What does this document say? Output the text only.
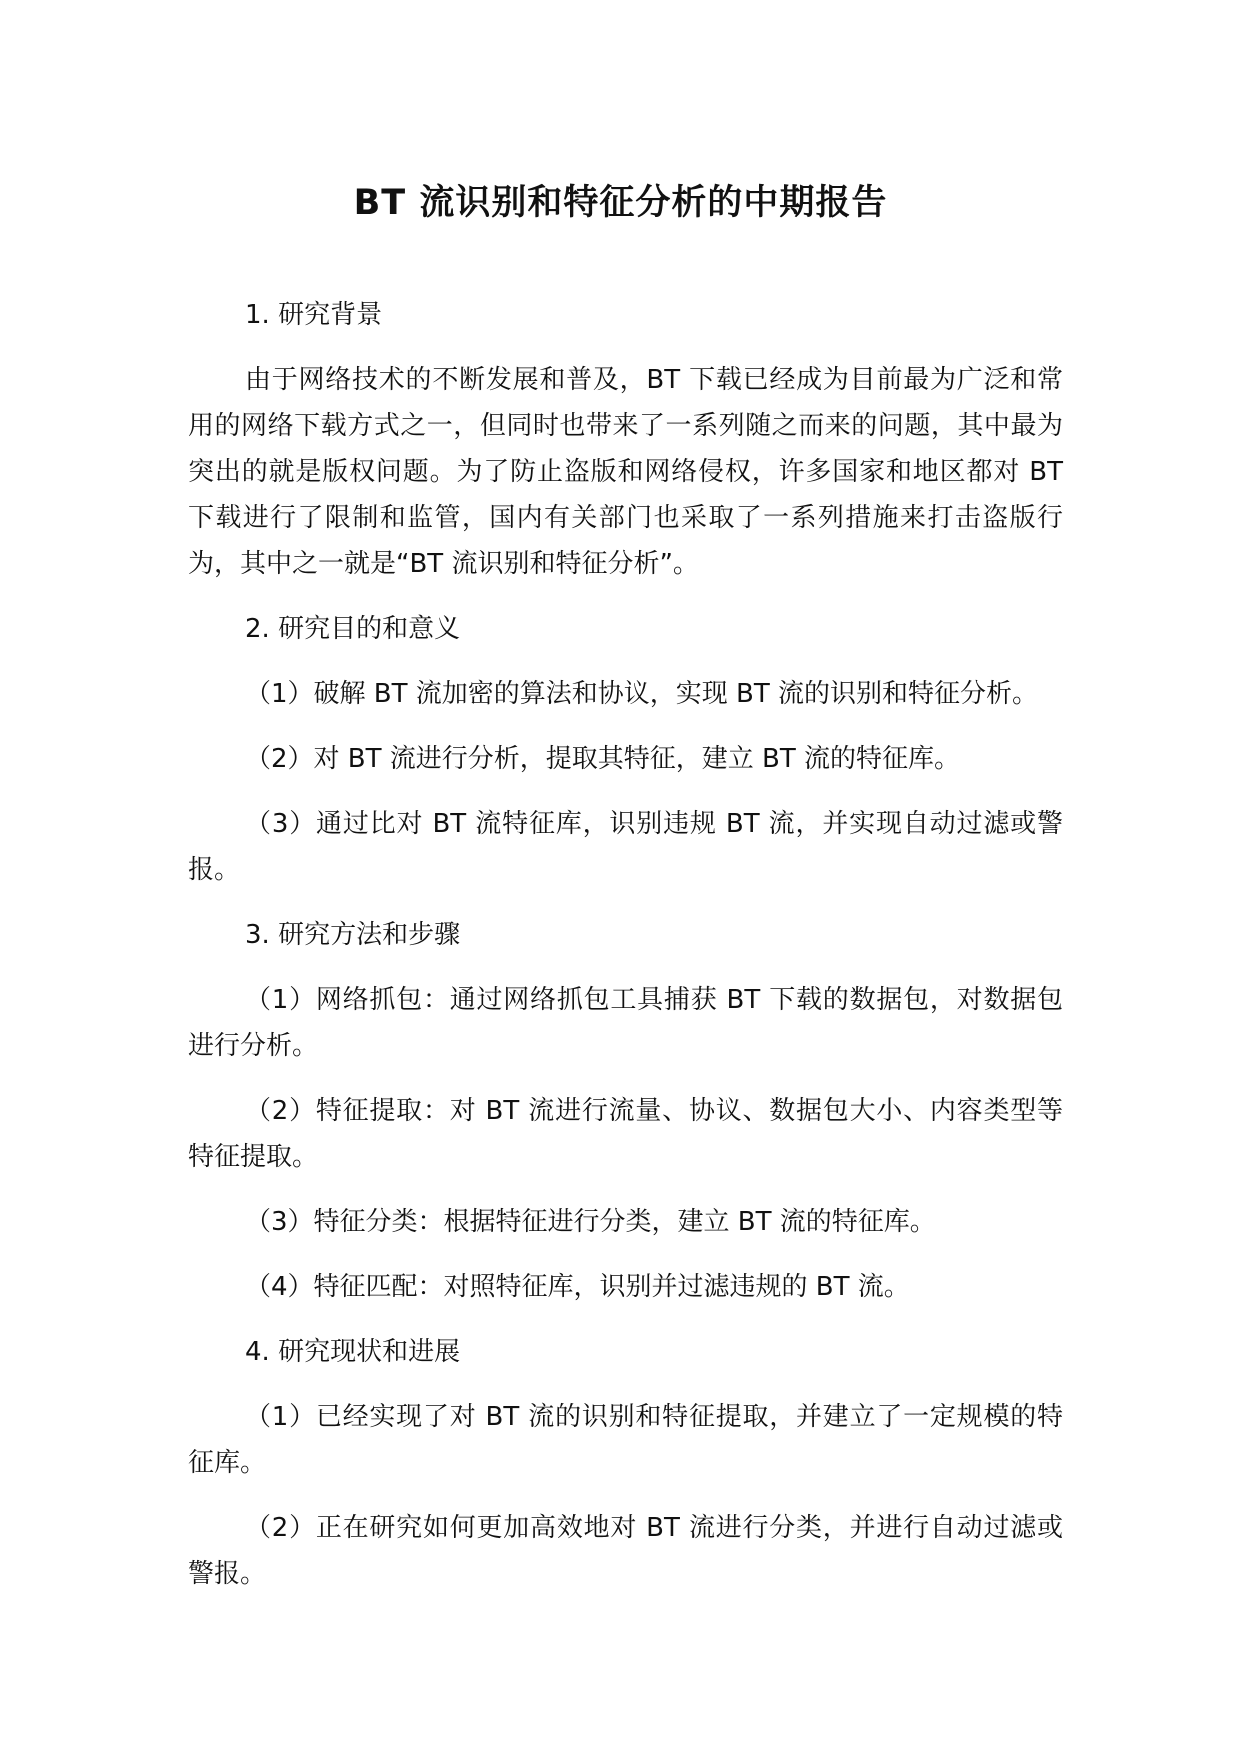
BT 流识别和特征分析的中期报告

1. 研究背景

由于网络技术的不断发展和普及，BT 下载已经成为目前最为广泛和常用的网络下载方式之一，但同时也带来了一系列随之而来的问题，其中最为突出的就是版权问题。为了防止盗版和网络侵权，许多国家和地区都对 BT 下载进行了限制和监管，国内有关部门也采取了一系列措施来打击盗版行为，其中之一就是“BT 流识别和特征分析”。

2. 研究目的和意义

（1）破解 BT 流加密的算法和协议，实现 BT 流的识别和特征分析。

（2）对 BT 流进行分析，提取其特征，建立 BT 流的特征库。

（3）通过比对 BT 流特征库，识别违规 BT 流，并实现自动过滤或警报。

3. 研究方法和步骤

（1）网络抓包：通过网络抓包工具捕获 BT 下载的数据包，对数据包进行分析。

（2）特征提取：对 BT 流进行流量、协议、数据包大小、内容类型等特征提取。

（3）特征分类：根据特征进行分类，建立 BT 流的特征库。

（4）特征匹配：对照特征库，识别并过滤违规的 BT 流。

4. 研究现状和进展

（1）已经实现了对 BT 流的识别和特征提取，并建立了一定规模的特征库。

（2）正在研究如何更加高效地对 BT 流进行分类，并进行自动过滤或警报。
